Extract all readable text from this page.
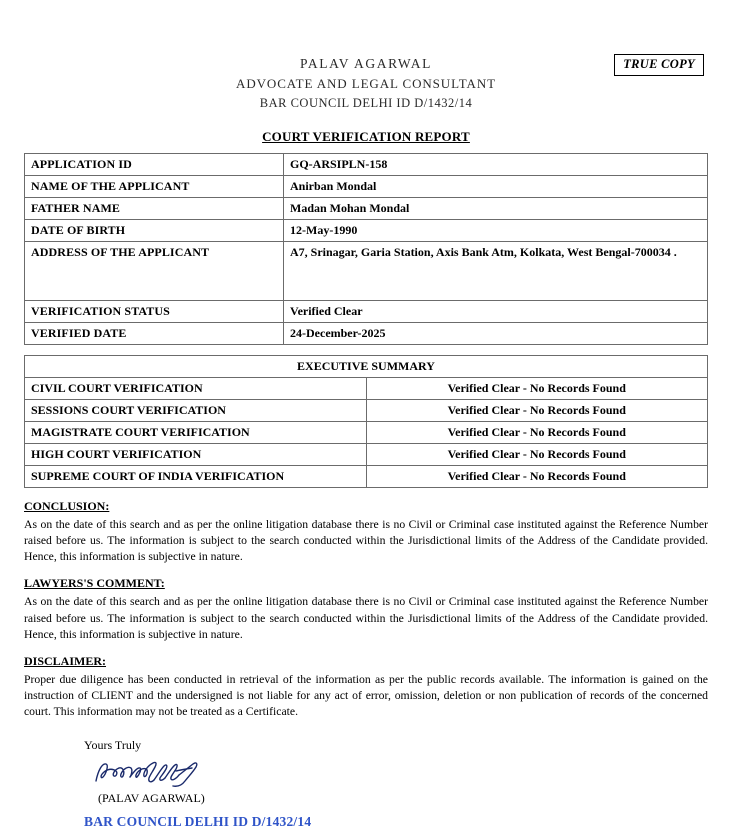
TRUE COPY
PALAV AGARWAL
ADVOCATE AND LEGAL CONSULTANT
BAR COUNCIL DELHI ID D/1432/14
COURT VERIFICATION REPORT
APPLICATION ID	GQ-ARSIPLN-158
NAME OF THE APPLICANT	Anirban Mondal
FATHER NAME	Madan Mohan Mondal
DATE OF BIRTH	12-May-1990
ADDRESS OF THE APPLICANT	A7, Srinagar, Garia Station, Axis Bank Atm, Kolkata, West Bengal-700034 .
VERIFICATION STATUS	Verified Clear
VERIFIED DATE	24-December-2025
EXECUTIVE SUMMARY	
CIVIL COURT VERIFICATION	Verified Clear - No Records Found
SESSIONS COURT VERIFICATION	Verified Clear - No Records Found
MAGISTRATE COURT VERIFICATION	Verified Clear - No Records Found
HIGH COURT VERIFICATION	Verified Clear - No Records Found
SUPREME COURT OF INDIA VERIFICATION	Verified Clear - No Records Found
CONCLUSION:
As on the date of this search and as per the online litigation database there is no Civil or Criminal case instituted against the Reference Number raised before us. The information is subject to the search conducted within the Jurisdictional limits of the Address of the Candidate provided. Hence, this information is subjective in nature.
LAWYERS'S COMMENT:
As on the date of this search and as per the online litigation database there is no Civil or Criminal case instituted against the Reference Number raised before us. The information is subject to the search conducted within the Jurisdictional limits of the Address of the Candidate provided. Hence, this information is subjective in nature.
DISCLAIMER:
Proper due diligence has been conducted in retrieval of the information as per the public records available. The information is gained on the instruction of CLIENT and the undersigned is not liable for any act of error, omission, deletion or non publication of records of the concerned court. This information may not be treated as a Certificate.
Yours Truly
(PALAV AGARWAL)
BAR COUNCIL DELHI ID D/1432/14
